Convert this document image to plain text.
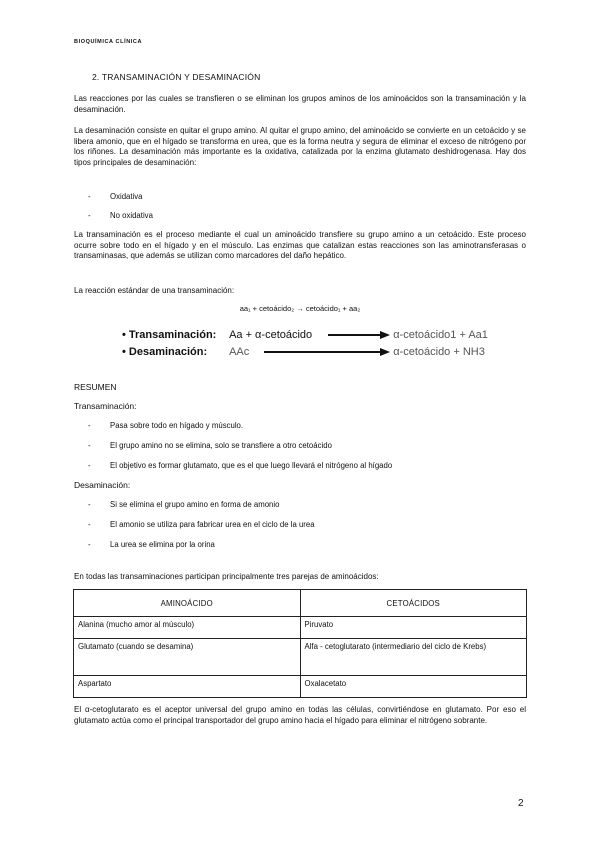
BIOQUÍMICA CLÍNICA
2. TRANSAMINACIÓN Y DESAMINACIÓN
Las reacciones por las cuales se transfieren o se eliminan los grupos aminos de los aminoácidos son la transaminación y la desaminación.
La desaminación consiste en quitar el grupo amino. Al quitar el grupo amino, del aminoácido se convierte en un cetoácido y se libera amonio, que en el hígado se transforma en urea, que es la forma neutra y segura de eliminar el exceso de nitrógeno por los riñones. La desaminación más importante es la oxidativa, catalizada por la enzima glutamato deshidrogenasa. Hay dos tipos principales de desaminación:
- Oxidativa
- No oxidativa
La transaminación es el proceso mediante el cual un aminoácido transfiere su grupo amino a un cetoácido. Este proceso ocurre sobre todo en el hígado y en el músculo. Las enzimas que catalizan estas reacciones son las aminotransferasas o transaminasas, que además se utilizan como marcadores del daño hepático.
La reacción estándar de una transaminación:
aa₁ + cetoácido₂ → cetoácido₁ + aa₂
• Transaminación: Aa + α-cetoácido	α-cetoácido1 + Aa1
• Desaminación: AAc	α-cetoácido + NH3
RESUMEN
Transaminación:
- Pasa sobre todo en hígado y músculo.
- El grupo amino no se elimina, solo se transfiere a otro cetoácido
- El objetivo es formar glutamato, que es el que luego llevará el nitrógeno al hígado
Desaminación:
- Si se elimina el grupo amino en forma de amonio
- El amonio se utiliza para fabricar urea en el ciclo de la urea
- La urea se elimina por la orina
En todas las transaminaciones participan principalmente tres parejas de aminoácidos:
AMINOÁCIDO	CETOÁCIDOS
Alanina (mucho amor al músculo)	Piruvato
Glutamato (cuando se desamina)	Alfa - cetoglutarato (intermediario del ciclo de Krebs)
Aspartato	Oxalacetato
El α-cetoglutarato es el aceptor universal del grupo amino en todas las células, convirtiéndose en glutamato. Por eso el glutamato actúa como el principal transportador del grupo amino hacia el hígado para eliminar el nitrógeno sobrante.
2
